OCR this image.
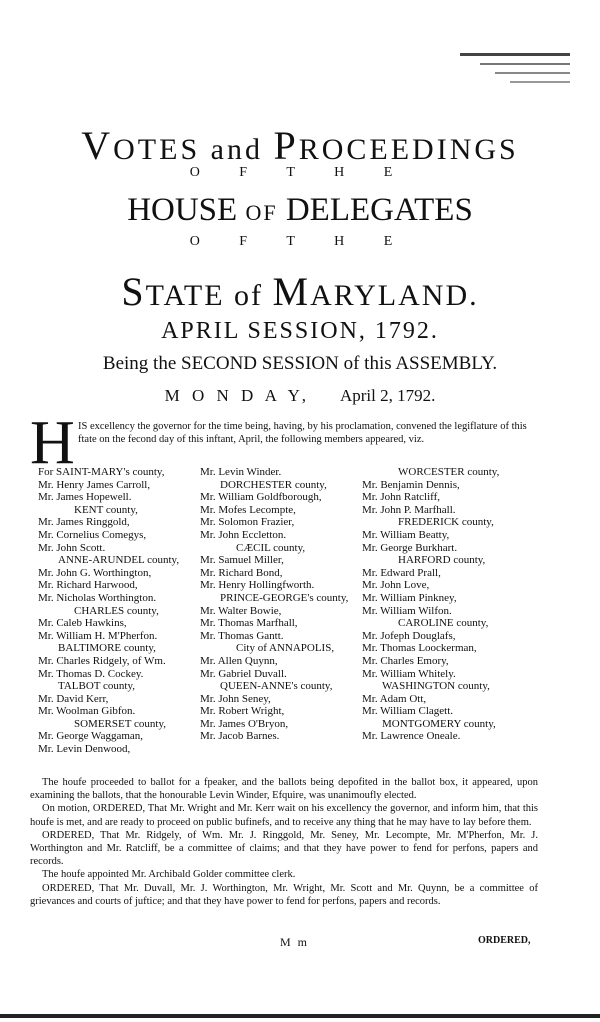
VOTES and PROCEEDINGS
O F T H E
HOUSE OF DELEGATES
O F T H E
STATE of MARYLAND.
APRIL SESSION, 1792.
Being the SECOND SESSION of this ASSEMBLY.
M O N D A Y, April 2, 1792.
H IS excellency the governor for the time being, having, by his proclamation, convened the legiflature of this ftate on the fecond day of this inftant, April, the following members appeared, viz.
For SAINT-MARY's county,
Mr. Henry James Carroll,
Mr. James Hopewell.
KENT county,
Mr. James Ringgold,
Mr. Cornelius Comegys,
Mr. John Scott.
ANNE-ARUNDEL county,
Mr. John G. Worthington,
Mr. Richard Harwood,
Mr. Nicholas Worthington.
CHARLES county,
Mr. Caleb Hawkins,
Mr. William H. M'Pherfon.
BALTIMORE county,
Mr. Charles Ridgely, of Wm.
Mr. Thomas D. Cockey.
TALBOT county,
Mr. David Kerr,
Mr. Woolman Gibfon.
SOMERSET county,
Mr. George Waggaman,
Mr. Levin Denwood,
Mr. Levin Winder.
DORCHESTER county,
Mr. William Goldfborough,
Mr. Mofes Lecompte,
Mr. Solomon Frazier,
Mr. John Eccletton.
CÆCIL county,
Mr. Samuel Miller,
Mr. Richard Bond,
Mr. Henry Hollingfworth.
PRINCE-GEORGE's county,
Mr. Walter Bowie,
Mr. Thomas Marfhall,
Mr. Thomas Gantt.
City of ANNAPOLIS,
Mr. Allen Quynn,
Mr. Gabriel Duvall.
QUEEN-ANNE's county,
Mr. John Seney,
Mr. Robert Wright,
Mr. James O'Bryon,
Mr. Jacob Barnes.
WORCESTER county,
Mr. Benjamin Dennis,
Mr. John Ratcliff,
Mr. John P. Marfhall.
FREDERICK county,
Mr. William Beatty,
Mr. George Burkhart.
HARFORD county,
Mr. Edward Prall,
Mr. John Love,
Mr. William Pinkney,
Mr. William Wilfon.
CAROLINE county,
Mr. Jofeph Douglafs,
Mr. Thomas Loockerman,
Mr. Charles Emory,
Mr. William Whitely.
WASHINGTON county,
Mr. Adam Ott,
Mr. William Clagett.
MONTGOMERY county,
Mr. Lawrence Oneale.

The houfe proceeded to ballot for a fpeaker, and the ballots being depofited in the ballot box, it appeared, upon examining the ballots, that the honourable Levin Winder, Efquire, was unanimoufly elected.

On motion, ORDERED, That Mr. Wright and Mr. Kerr wait on his excellency the governor, and inform him, that this houfe is met, and are ready to proceed on public bufinefs, and to receive any thing that he may have to lay before them.

ORDERED, That Mr. Ridgely, of Wm. Mr. J. Ringgold, Mr. Seney, Mr. Lecompte, Mr. M'Pherfon, Mr. J. Worthington and Mr. Ratcliff, be a committee of claims; and that they have power to fend for perfons, papers and records.

The houfe appointed Mr. Archibald Golder committee clerk.

ORDERED, That Mr. Duvall, Mr. J. Worthington, Mr. Wright, Mr. Scott and Mr. Quynn, be a committee of grievances and courts of juftice; and that they have power to fend for perfons, papers and records.

M m	ORDERED,
